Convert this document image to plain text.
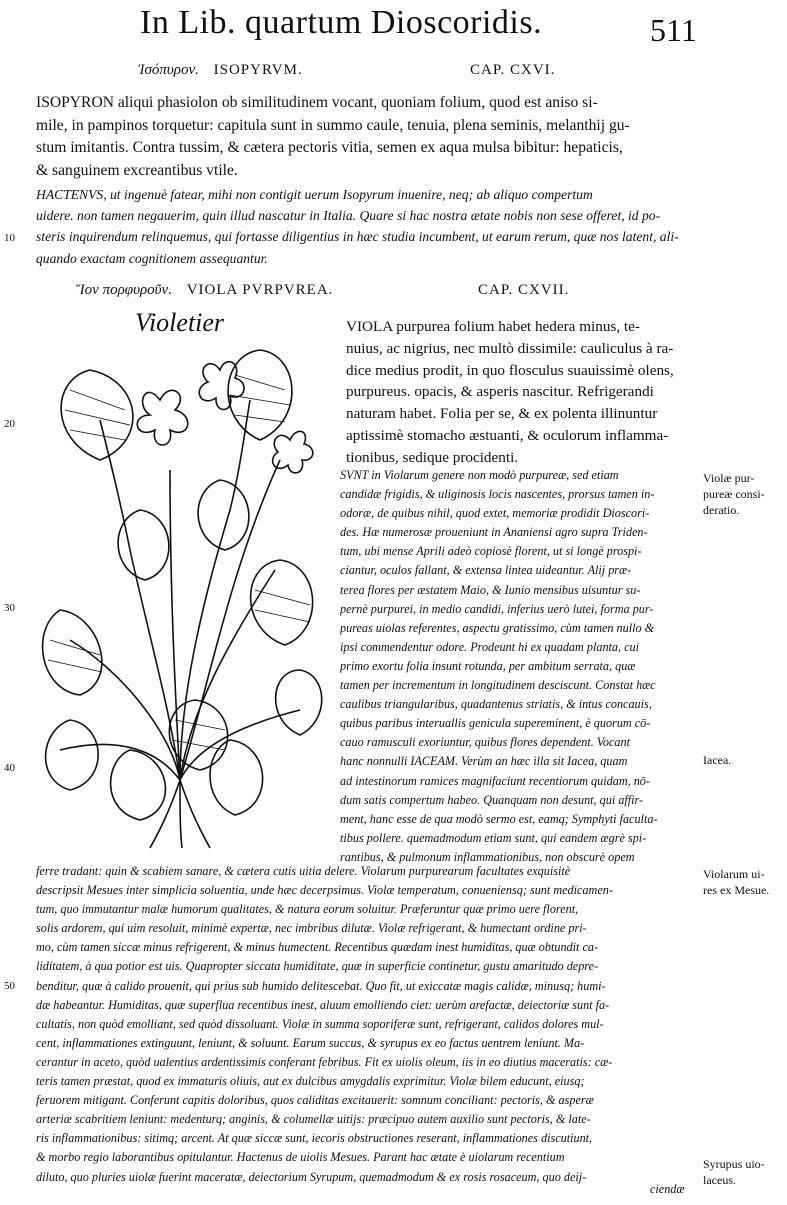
In Lib. quartum Dioscoridis.	511
Ἰσόπυρον. ISOPYRVM.	CAP. CXVI.
ISOPYRON aliqui phasiolon ob similitudinem vocant, quoniam folium, quod est aniso si-
mile, in pampinos torquetur: capitula sunt in summo caule, tenuia, plena seminis, melanthij gu-
stum imitantis. Contra tussim, & cætera pectoris vitia, semen ex aqua mulsa bibitur: hepaticis,
& sanguinem excreantibus vtile.
HACTENVS, ut ingenuè fatear, mihi non contigit uerum Isopyrum inuenire, neq; ab aliquo compertum
uidere. non tamen negauerim, quin illud nascatur in Italia. Quare si hac nostra ætate nobis non sese offeret, id po-
steris inquirendum relinquemus, qui fortasse diligentius in hæc studia incumbent, ut earum rerum, quæ nos latent, ali-
quando exactam cognitionem assequantur.
10
Ἴον πορφυροῦν. VIOLA PVRPVREA.	CAP. CXVII.
Violetier	VIOLA purpurea folium habet hedera minus, te-
nuius, ac nigrius, nec multò dissimile: cauliculus à ra-
dice medius prodit, in quo flosculus suauissimè olens,
purpureus. opacis, & asperis nascitur. Refrigerandi
naturam habet. Folia per se, & ex polenta illinuntur
aptissimè stomacho æstuanti, & oculorum inflamma-
tionibus, sedique procidenti.
20
SVNT in Violarum genere non modò purpureæ, sed etiam
candidæ frigidis, & uliginosis locis nascentes, prorsus tamen in-
odoræ, de quibus nihil, quod extet, memoriæ prodidit Dioscori-
des. Hæ numerosæ proueniunt in Ananiensi agro supra Triden-
tum, ubi mense Aprili adeò copiosè florent, ut si longè prospi-
ciantur, oculos fallant, & extensa lintea uideantur. Alij præ-
terea flores per æstatem Maio, & Iunio mensibus uisuntur su-
pernè purpurei, in medio candidi, inferius uerò lutei, forma pur-
pureas uiolas referentes, aspectu gratissimo, cùm tamen nullo &
ipsi commendentur odore. Prodeunt hi ex quadam planta, cui
primo exortu folia insunt rotunda, per ambitum serrata, quæ
tamen per incrementum in longitudinem desciscunt. Constat hæc
caulibus triangularibus, quadantenus striatis, & intus concauis,
quibus paribus interuallis genicula supereminent, è quorum cō-
cauo ramusculi exoriuntur, quibus flores dependent. Vocant
hanc nonnulli IACEAM. Verùm an hæc illa sit Iacea, quam
ad intestinorum ramices magnifaciunt recentiorum quidam, nō-
dum satis compertum habeo. Quanquam non desunt, qui affir-
ment, hanc esse de qua modò sermo est, eamq; Symphyti faculta-
tibus pollere. quemadmodum etiam sunt, qui eandem ægrè spi-
rantibus, & pulmonum inflammationibus, non obscurè opem
30
40
ferre tradant: quin & scabiem sanare, & cætera cutis uitia delere. Violarum purpurearum facultates exquisitè
descripsit Mesues inter simplicia soluentia, unde hæc decerpsimus. Violæ temperatum, conueniensq; sunt medicamen-
tum, quo immutantur malæ humorum qualitates, & natura eorum soluitur. Præferuntur quæ primo uere florent,
solis ardorem, qui uim resoluit, minimè expertæ, nec imbribus dilutæ. Violæ refrigerant, & humectant ordine pri-
mo, cùm tamen siccæ minus refrigerent, & minus humectent. Recentibus quædam inest humiditas, quæ obtundit ca-
liditatem, à qua potior est uis. Quapropter siccata humiditate, quæ in superficie continetur, gustu amaritudo depre-
benditur, quæ à calido prouenit, qui prius sub humido delitescebat. Quo fit, ut exiccatæ magis calidæ, minusq; humi-
dæ habeantur. Humiditas, quæ superflua recentibus inest, aluum emolliendo ciet: uerùm arefactæ, deiectoriæ sunt fa-
cultatis, non quòd emolliant, sed quòd dissoluant. Violæ in summa soporiferæ sunt, refrigerant, calidos dolores mul-
cent, inflammationes extinguunt, leniunt, & soluunt. Earum succus, & syrupus ex eo factus uentrem leniunt. Ma-
cerantur in aceto, quòd ualentius ardentissimis conferant febribus. Fit ex uiolis oleum, iis in eo diutius maceratis: cæ-
teris tamen præstat, quod ex immaturis oliuis, aut ex dulcibus amygdalis exprimitur. Violæ bilem educunt, eiusq;
feruorem mitigant. Conferunt capitis doloribus, quos caliditas excitauerit: somnum conciliant: pectoris, & asperæ
arteriæ scabritiem leniunt: medenturq; anginis, & columellæ uitijs: præcipuo autem auxilio sunt pectoris, & late-
ris inflammationibus: sitimq; arcent. At quæ siccæ sunt, iecoris obstructiones reserant, inflammationes discutiunt,
& morbo regio laborantibus opitulantur. Hactenus de uiolis Mesues. Parant hac ætate è uiolarum recentium
diluto, quo pluries uiolæ fuerint maceratæ, deiectorium Syrupum, quemadmodum & ex rosis rosaceum, quo deij-
50
ciendæ
Violæ pur-
pureæ consi-
deratio.
Iacea.
Violarum ui-
res ex Mesue.
Syrupus uio-
laceus.
